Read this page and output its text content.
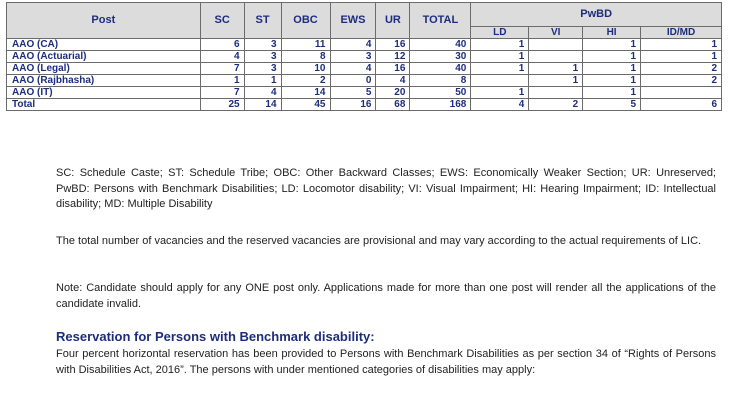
Post	SC	ST	OBC	EWS	UR	TOTAL	PwBD			
							LD	VI	HI	ID/MD
AAO (CA)	6	3	11	4	16	40	1		1	1
AAO (Actuarial)	4	3	8	3	12	30	1		1	1
AAO (Legal)	7	3	10	4	16	40	1	1	1	2
AAO (Rajbhasha)	1	1	2	0	4	8		1	1	2
AAO (IT)	7	4	14	5	20	50	1		1	
Total	25	14	45	16	68	168	4	2	5	6
SC: Schedule Caste; ST: Schedule Tribe; OBC: Other Backward Classes; EWS: Economically Weaker Section; UR: Unreserved; PwBD: Persons with Benchmark Disabilities; LD: Locomotor disability; VI: Visual Impairment; HI: Hearing Impairment; ID: Intellectual disability; MD: Multiple Disability
The total number of vacancies and the reserved vacancies are provisional and may vary according to the actual requirements of LIC.
Note: Candidate should apply for any ONE post only. Applications made for more than one post will render all the applications of the candidate invalid.
Reservation for Persons with Benchmark disability:
Four percent horizontal reservation has been provided to Persons with Benchmark Disabilities as per section 34 of “Rights of Persons with Disabilities Act, 2016”. The persons with under mentioned categories of disabilities may apply:
